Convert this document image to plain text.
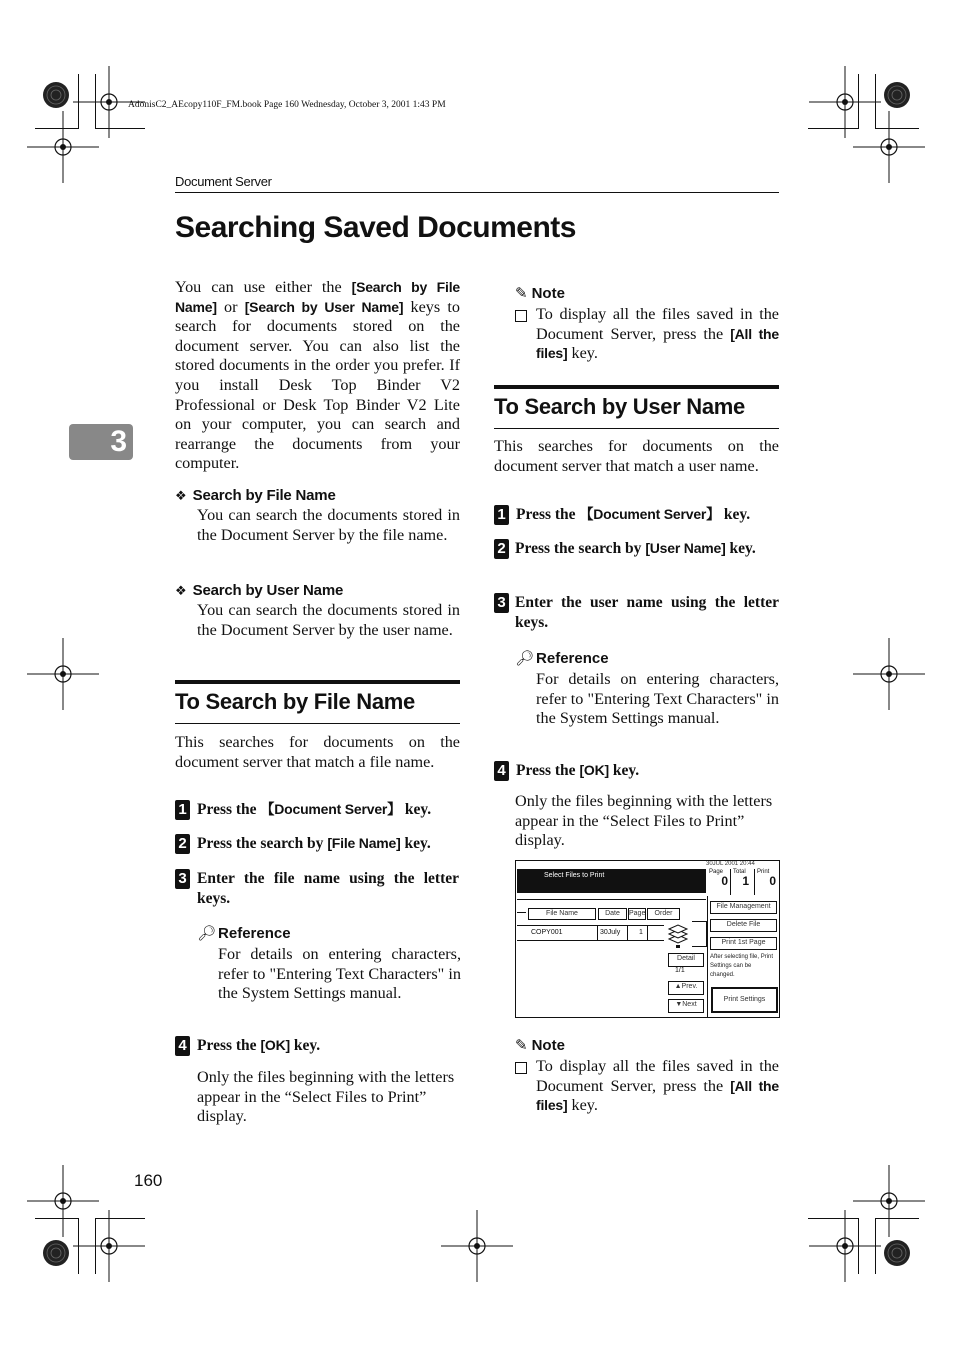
AdonisC2_AEcopy110F_FM.book Page 160 Wednesday, October 3, 2001 1:43 PM
Document Server
Searching Saved Documents
3
You can use either the [Search by File Name] or [Search by User Name] keys to search for documents stored on the document server. You can also list the stored documents in the order you prefer. If you install Desk Top Binder V2 Professional or Desk Top Binder V2 Lite on your computer, you can search and rearrange the documents from your computer.
❖ Search by File Name
You can search the documents stored in the Document Server by the file name.
❖ Search by User Name
You can search the documents stored in the Document Server by the user name.
To Search by File Name
This searches for documents on the document server that match a file name.
1 Press the 【Document Server】 key.
2 Press the search by [File Name] key.
3 Enter the file name using the letter keys.
🔎︎ Reference
For details on entering characters, refer to "Entering Text Characters" in the System Settings manual.
4 Press the [OK] key.
Only the files beginning with the letters appear in the “Select Files to Print” display.
✎ Note
To display all the files saved in the Document Server, press the [All the files] key.
To Search by User Name
This searches for documents on the document server that match a user name.
1 Press the 【Document Server】 key.
2 Press the search by [User Name] key.
3 Enter the user name using the letter keys.
🔎︎ Reference
For details on entering characters, refer to "Entering Text Characters" in the System Settings manual.
4 Press the [OK] key.
Only the files beginning with the letters appear in the “Select Files to Print” display.
30JUL 2001 20:44
Select Files to Print	Page
0
Total
1
Print
0
File Name	Date	Page	Order
COPY001	30July	1
Detail
1/1
▲Prev.
▼Next
File Management
Delete File
Print 1st Page
After selecting file, Print Settings can be changed.
Print Settings
✎ Note
To display all the files saved in the Document Server, press the [All the files] key.
160
